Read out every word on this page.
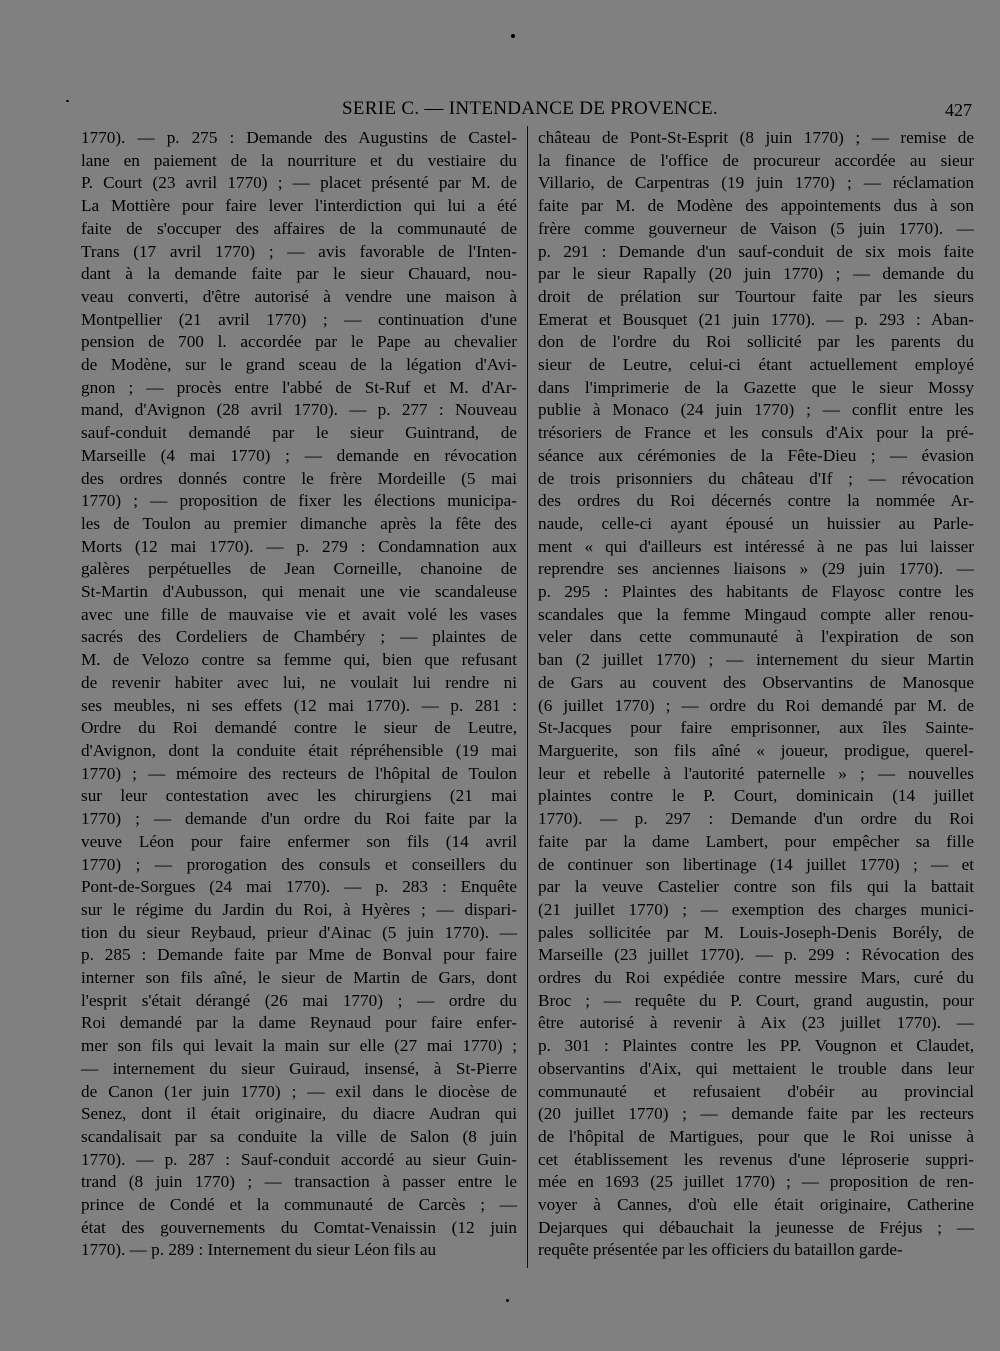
SERIE C. — INTENDANCE DE PROVENCE.	427
1770). — p. 275 : Demande des Augustins de Castel-
lane en paiement de la nourriture et du vestiaire du
P. Court (23 avril 1770) ; — placet présenté par M. de
La Mottière pour faire lever l'interdiction qui lui a été
faite de s'occuper des affaires de la communauté de
Trans (17 avril 1770) ; — avis favorable de l'Inten-
dant à la demande faite par le sieur Chauard, nou-
veau converti, d'être autorisé à vendre une maison à
Montpellier (21 avril 1770) ; — continuation d'une
pension de 700 l. accordée par le Pape au chevalier
de Modène, sur le grand sceau de la légation d'Avi-
gnon ; — procès entre l'abbé de St-Ruf et M. d'Ar-
mand, d'Avignon (28 avril 1770). — p. 277 : Nouveau
sauf-conduit demandé par le sieur Guintrand, de
Marseille (4 mai 1770) ; — demande en révocation
des ordres donnés contre le frère Mordeille (5 mai
1770) ; — proposition de fixer les élections municipa-
les de Toulon au premier dimanche après la fête des
Morts (12 mai 1770). — p. 279 : Condamnation aux
galères perpétuelles de Jean Corneille, chanoine de
St-Martin d'Aubusson, qui menait une vie scandaleuse
avec une fille de mauvaise vie et avait volé les vases
sacrés des Cordeliers de Chambéry ; — plaintes de
M. de Velozo contre sa femme qui, bien que refusant
de revenir habiter avec lui, ne voulait lui rendre ni
ses meubles, ni ses effets (12 mai 1770). — p. 281 :
Ordre du Roi demandé contre le sieur de Leutre,
d'Avignon, dont la conduite était répréhensible (19 mai
1770) ; — mémoire des recteurs de l'hôpital de Toulon
sur leur contestation avec les chirurgiens (21 mai
1770) ; — demande d'un ordre du Roi faite par la
veuve Léon pour faire enfermer son fils (14 avril
1770) ; — prorogation des consuls et conseillers du
Pont-de-Sorgues (24 mai 1770). — p. 283 : Enquête
sur le régime du Jardin du Roi, à Hyères ; — dispari-
tion du sieur Reybaud, prieur d'Ainac (5 juin 1770). —
p. 285 : Demande faite par Mme de Bonval pour faire
interner son fils aîné, le sieur de Martin de Gars, dont
l'esprit s'était dérangé (26 mai 1770) ; — ordre du
Roi demandé par la dame Reynaud pour faire enfer-
mer son fils qui levait la main sur elle (27 mai 1770) ;
— internement du sieur Guiraud, insensé, à St-Pierre
de Canon (1er juin 1770) ; — exil dans le diocèse de
Senez, dont il était originaire, du diacre Audran qui
scandalisait par sa conduite la ville de Salon (8 juin
1770). — p. 287 : Sauf-conduit accordé au sieur Guin-
trand (8 juin 1770) ; — transaction à passer entre le
prince de Condé et la communauté de Carcès ; —
état des gouvernements du Comtat-Venaissin (12 juin
1770). — p. 289 : Internement du sieur Léon fils au
château de Pont-St-Esprit (8 juin 1770) ; — remise de
la finance de l'office de procureur accordée au sieur
Villario, de Carpentras (19 juin 1770) ; — réclamation
faite par M. de Modène des appointements dus à son
frère comme gouverneur de Vaison (5 juin 1770). —
p. 291 : Demande d'un sauf-conduit de six mois faite
par le sieur Rapally (20 juin 1770) ; — demande du
droit de prélation sur Tourtour faite par les sieurs
Emerat et Bousquet (21 juin 1770). — p. 293 : Aban-
don de l'ordre du Roi sollicité par les parents du
sieur de Leutre, celui-ci étant actuellement employé
dans l'imprimerie de la Gazette que le sieur Mossy
publie à Monaco (24 juin 1770) ; — conflit entre les
trésoriers de France et les consuls d'Aix pour la pré-
séance aux cérémonies de la Fête-Dieu ; — évasion
de trois prisonniers du château d'If ; — révocation
des ordres du Roi décernés contre la nommée Ar-
naude, celle-ci ayant épousé un huissier au Parle-
ment « qui d'ailleurs est intéressé à ne pas lui laisser
reprendre ses anciennes liaisons » (29 juin 1770). —
p. 295 : Plaintes des habitants de Flayosc contre les
scandales que la femme Mingaud compte aller renou-
veler dans cette communauté à l'expiration de son
ban (2 juillet 1770) ; — internement du sieur Martin
de Gars au couvent des Observantins de Manosque
(6 juillet 1770) ; — ordre du Roi demandé par M. de
St-Jacques pour faire emprisonner, aux îles Sainte-
Marguerite, son fils aîné « joueur, prodigue, querel-
leur et rebelle à l'autorité paternelle » ; — nouvelles
plaintes contre le P. Court, dominicain (14 juillet
1770). — p. 297 : Demande d'un ordre du Roi
faite par la dame Lambert, pour empêcher sa fille
de continuer son libertinage (14 juillet 1770) ; — et
par la veuve Castelier contre son fils qui la battait
(21 juillet 1770) ; — exemption des charges munici-
pales sollicitée par M. Louis-Joseph-Denis Borély, de
Marseille (23 juillet 1770). — p. 299 : Révocation des
ordres du Roi expédiée contre messire Mars, curé du
Broc ; — requête du P. Court, grand augustin, pour
être autorisé à revenir à Aix (23 juillet 1770). —
p. 301 : Plaintes contre les PP. Vougnon et Claudet,
observantins d'Aix, qui mettaient le trouble dans leur
communauté et refusaient d'obéir au provincial
(20 juillet 1770) ; — demande faite par les recteurs
de l'hôpital de Martigues, pour que le Roi unisse à
cet établissement les revenus d'une léproserie suppri-
mée en 1693 (25 juillet 1770) ; — proposition de ren-
voyer à Cannes, d'où elle était originaire, Catherine
Dejarques qui débauchait la jeunesse de Fréjus ; —
requête présentée par les officiers du bataillon garde-
